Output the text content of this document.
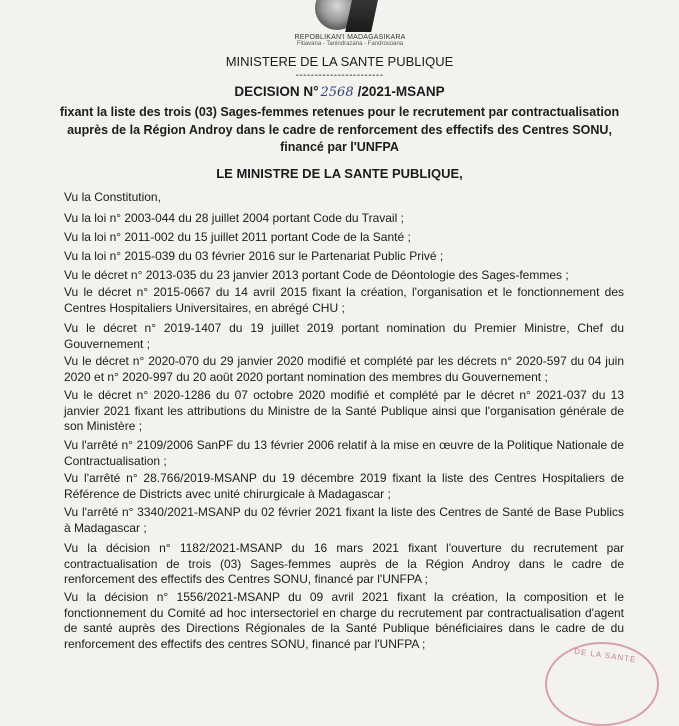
REPOBLIKAN'I MADAGASIKARA
Fitiavana - Tanindrazana - Fandrosoana
MINISTERE DE LA SANTE PUBLIQUE
-----------------------
DECISION N° 2568 /2021-MSANP
fixant la liste des trois (03) Sages-femmes retenues pour le recrutement par contractualisation
auprès de la Région Androy dans le cadre de renforcement des effectifs des Centres SONU,
financé par l'UNFPA
LE MINISTRE DE LA SANTE PUBLIQUE,
Vu la Constitution,
Vu la loi n° 2003-044 du 28 juillet 2004 portant Code du Travail ;
Vu la loi n° 2011-002 du 15 juillet 2011 portant Code de la Santé ;
Vu la loi n° 2015-039 du 03 février 2016 sur le Partenariat Public Privé ;
Vu le décret n° 2013-035 du 23 janvier 2013 portant Code de Déontologie des Sages-femmes ;
Vu le décret n° 2015-0667 du 14 avril 2015 fixant la création, l'organisation et le fonctionnement des Centres Hospitaliers Universitaires, en abrégé CHU ;
Vu le décret n° 2019-1407 du 19 juillet 2019 portant nomination du Premier Ministre, Chef du Gouvernement ;
Vu le décret n° 2020-070 du 29 janvier 2020 modifié et complété par les décrets n° 2020-597 du 04 juin 2020 et n° 2020-997 du 20 août 2020 portant nomination des membres du Gouvernement ;
Vu le décret n° 2020-1286 du 07 octobre 2020 modifié et complété par le décret n° 2021-037 du 13 janvier 2021 fixant les attributions du Ministre de la Santé Publique ainsi que l'organisation générale de son Ministère ;
Vu l'arrêté n° 2109/2006 SanPF du 13 février 2006 relatif à la mise en œuvre de la Politique Nationale de Contractualisation ;
Vu l'arrêté n° 28.766/2019-MSANP du 19 décembre 2019 fixant la liste des Centres Hospitaliers de Référence de Districts avec unité chirurgicale à Madagascar ;
Vu l'arrêté n° 3340/2021-MSANP du 02 février 2021 fixant la liste des Centres de Santé de Base Publics à Madagascar ;
Vu la décision n° 1182/2021-MSANP du 16 mars 2021 fixant l'ouverture du recrutement par contractualisation de trois (03) Sages-femmes auprès de la Région Androy dans le cadre de renforcement des effectifs des Centres SONU, financé par l'UNFPA ;
Vu la décision n° 1556/2021-MSANP du 09 avril 2021 fixant la création, la composition et le fonctionnement du Comité ad hoc intersectoriel en charge du recrutement par contractualisation d'agent de santé auprès des Directions Régionales de la Santé Publique bénéficiaires dans le cadre de du renforcement des effectifs des centres SONU, financé par l'UNFPA ;
DE LA SANTE
